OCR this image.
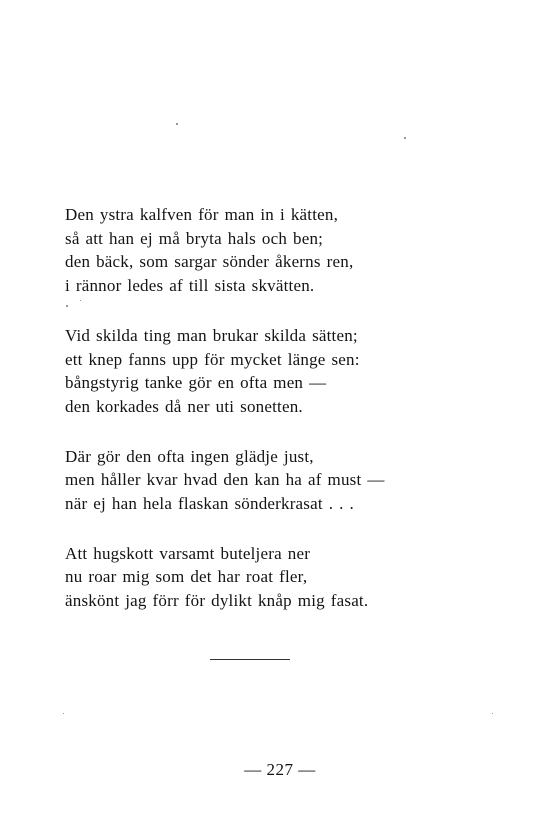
Den ystra kalfven för man in i kätten,
så att han ej må bryta hals och ben;
den bäck, som sargar sönder åkerns ren,
i rännor ledes af till sista skvätten.
Vid skilda ting man brukar skilda sätten;
ett knep fanns upp för mycket länge sen:
bångstyrig tanke gör en ofta men —
den korkades då ner uti sonetten.
Där gör den ofta ingen glädje just,
men håller kvar hvad den kan ha af must —
när ej han hela flaskan sönderkrasat . . .
Att hugskott varsamt buteljera ner
nu roar mig som det har roat fler,
änskönt jag förr för dylikt knåp mig fasat.
— 227 —
